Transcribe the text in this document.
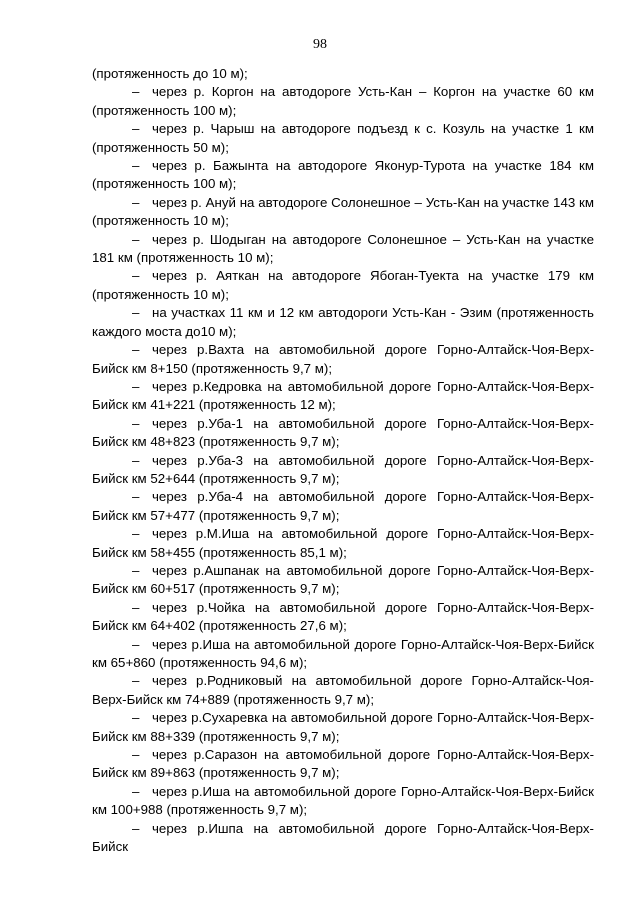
98

(протяженность до 10 м);

– через р. Коргон на автодороге Усть-Кан – Коргон на участке 60 км (протяженность 100 м);

– через р. Чарыш на автодороге подъезд к с. Козуль на участке 1 км (протяженность 50 м);

– через р. Бажынта на автодороге Яконур-Турота на участке 184 км (протяженность 100 м);

– через р. Ануй на автодороге Солонешное – Усть-Кан на участке 143 км (протяженность 10 м);

– через р. Шодыган на автодороге Солонешное – Усть-Кан на участке 181 км (протяженность 10 м);

– через р. Аяткан на автодороге Ябоган-Туекта на участке 179 км (протяженность 10 м);

– на участках 11 км и 12 км автодороги Усть-Кан - Эзим (протяженность каждого моста до10 м);

– через р.Вахта на автомобильной дороге Горно-Алтайск-Чоя-Верх-Бийск км 8+150 (протяженность 9,7 м);

– через р.Кедровка на автомобильной дороге Горно-Алтайск-Чоя-Верх-Бийск км 41+221 (протяженность 12 м);

– через р.Уба-1 на автомобильной дороге Горно-Алтайск-Чоя-Верх-Бийск км 48+823 (протяженность 9,7 м);

– через р.Уба-3 на автомобильной дороге Горно-Алтайск-Чоя-Верх-Бийск км 52+644 (протяженность 9,7 м);

– через р.Уба-4 на автомобильной дороге Горно-Алтайск-Чоя-Верх-Бийск км 57+477 (протяженность 9,7 м);

– через р.М.Иша на автомобильной дороге Горно-Алтайск-Чоя-Верх-Бийск км 58+455 (протяженность 85,1 м);

– через р.Ашпанак на автомобильной дороге Горно-Алтайск-Чоя-Верх-Бийск км 60+517 (протяженность 9,7 м);

– через р.Чойка на автомобильной дороге Горно-Алтайск-Чоя-Верх-Бийск км 64+402 (протяженность 27,6 м);

– через р.Иша на автомобильной дороге Горно-Алтайск-Чоя-Верх-Бийск км 65+860 (протяженность 94,6 м);

– через р.Родниковый на автомобильной дороге Горно-Алтайск-Чоя-Верх-Бийск км 74+889 (протяженность 9,7 м);

– через р.Сухаревка на автомобильной дороге Горно-Алтайск-Чоя-Верх-Бийск км 88+339 (протяженность 9,7 м);

– через р.Саразон на автомобильной дороге Горно-Алтайск-Чоя-Верх-Бийск км 89+863 (протяженность 9,7 м);

– через р.Иша на автомобильной дороге Горно-Алтайск-Чоя-Верх-Бийск км 100+988 (протяженность 9,7 м);

– через р.Ишпа на автомобильной дороге Горно-Алтайск-Чоя-Верх-Бийск
